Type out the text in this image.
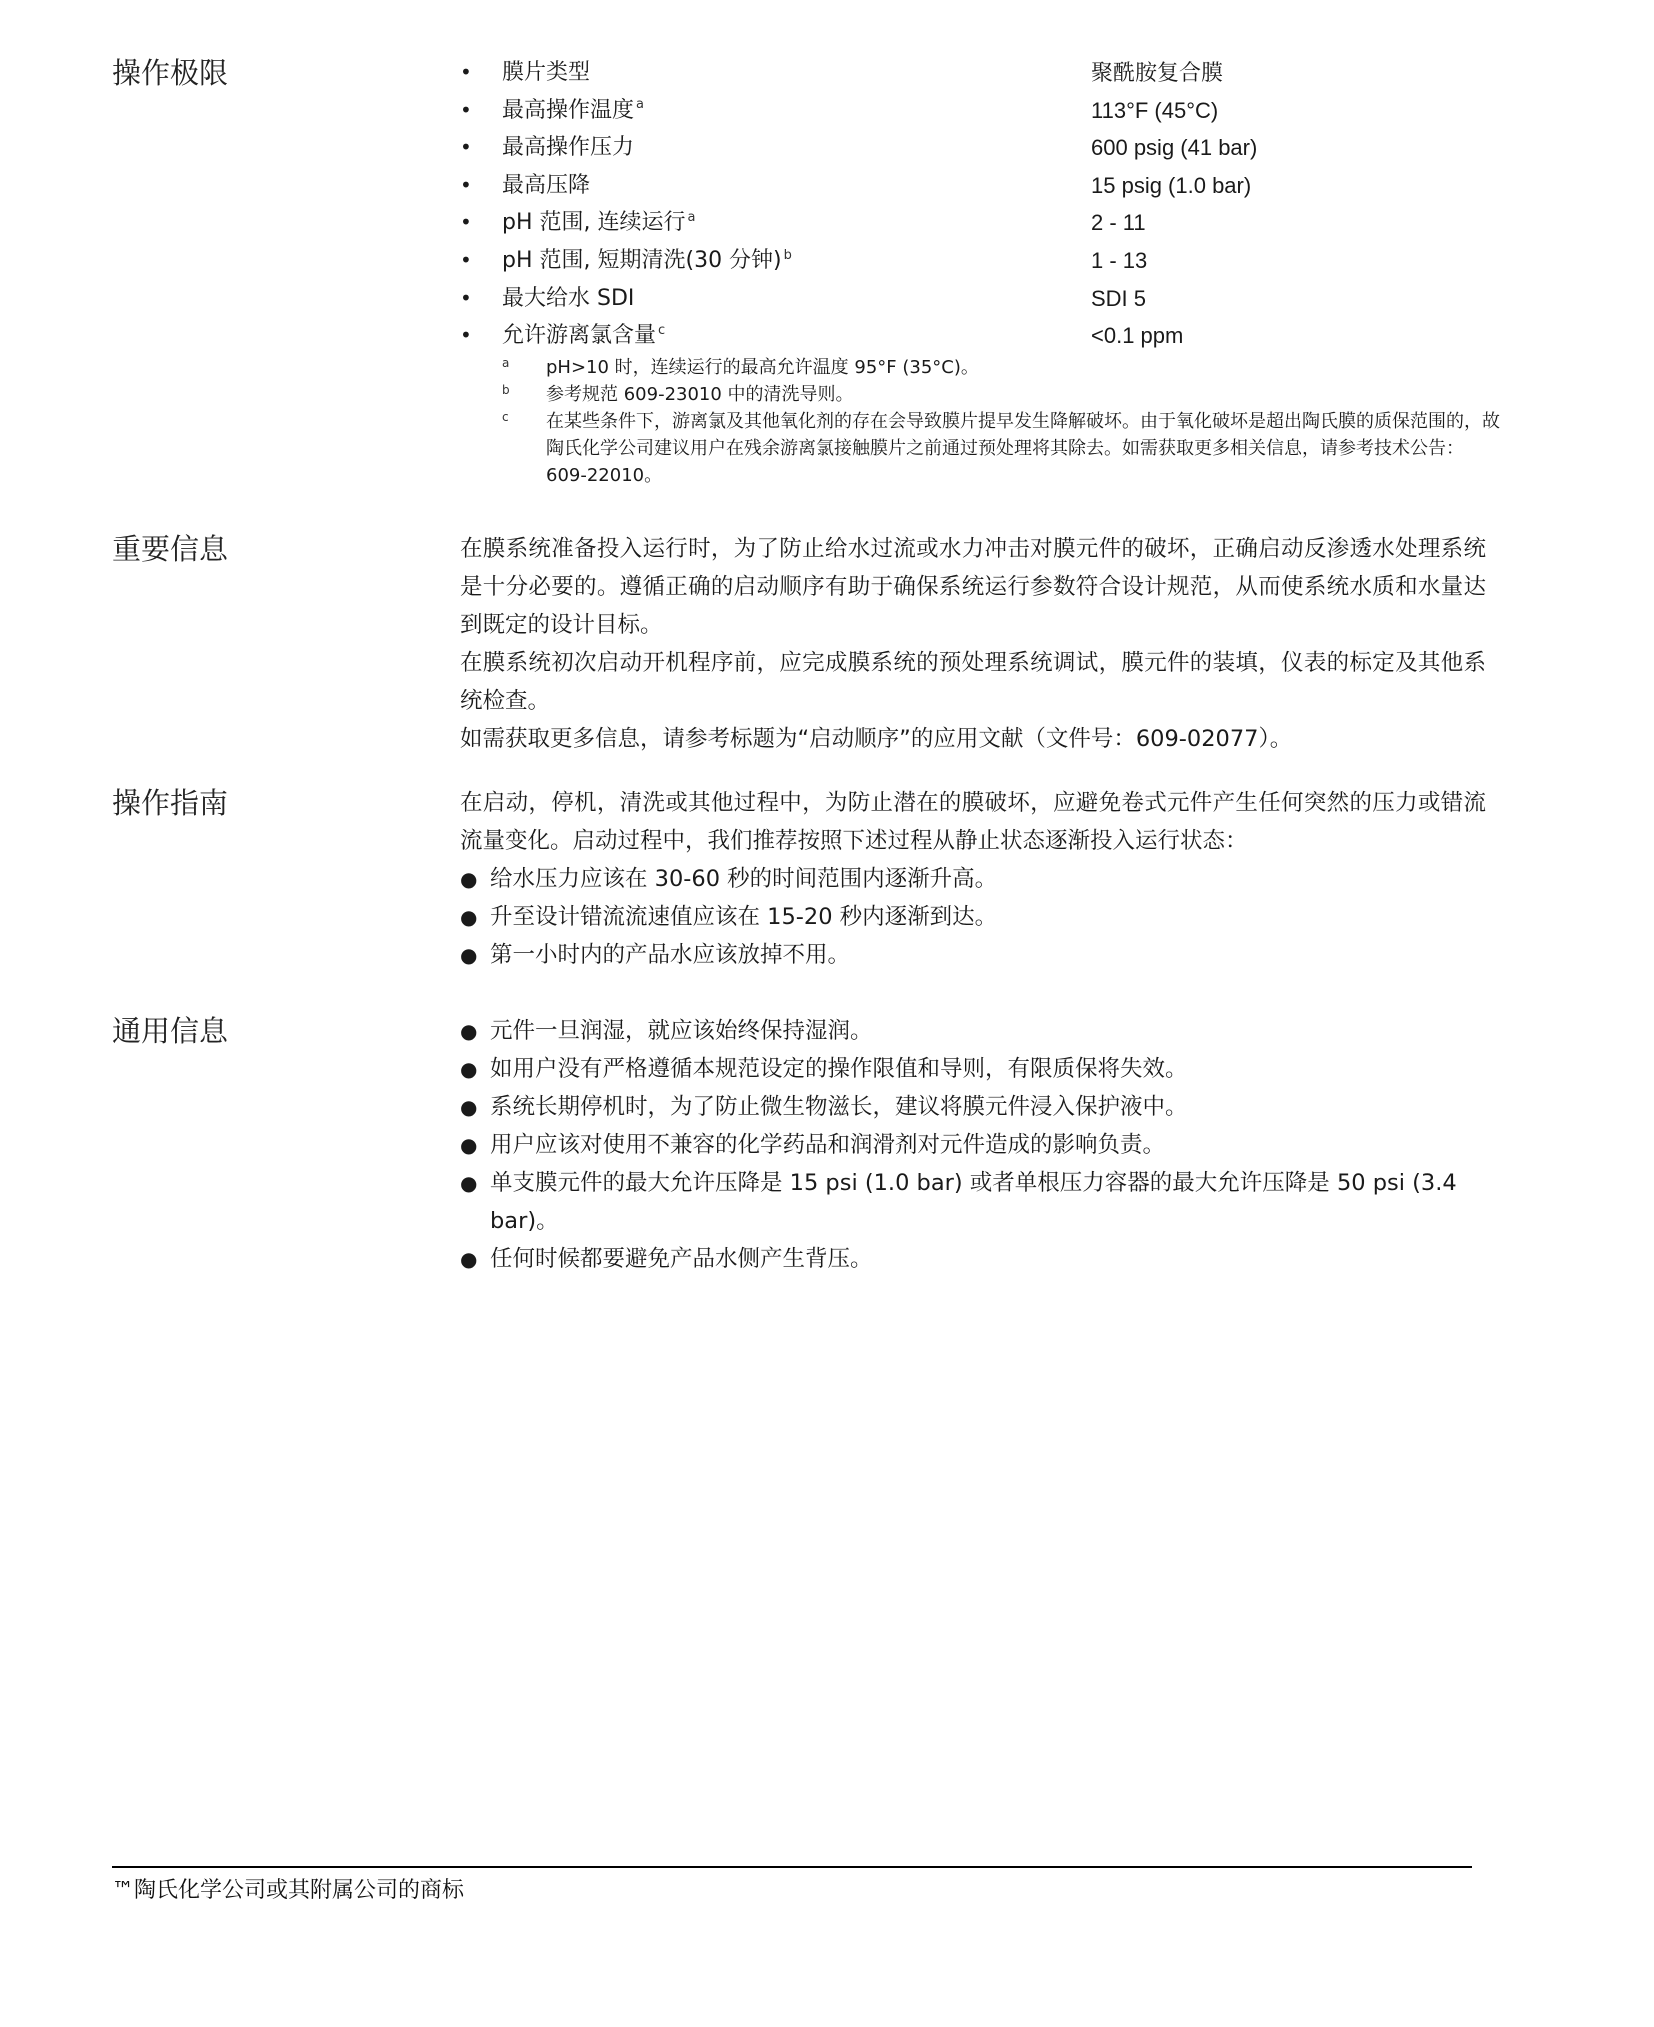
操作极限	• 膜片类型	聚酰胺复合膜
• 最高操作温度 $^a$	113°F (45°C)
• 最高操作压力	600 psig (41 bar)
• 最高压降	15 psig (1.0 bar)
• pH 范围, 连续运行 $^a$	2 - 11
• pH 范围, 短期清洗(30 分钟) $^b$	1 - 13
• 最大给水 SDI	SDI 5
• 允许游离氯含量 $^c$	<0.1 ppm
a pH>10 时，连续运行的最高允许温度 95°F (35°C)。
b 参考规范 609-23010 中的清洗导则。
c 在某些条件下，游离氯及其他氧化剂的存在会导致膜片提早发生降解破坏。由于氧化破坏是超出陶氏膜的质保范围的，故陶氏化学公司建议用户在残余游离氯接触膜片之前通过预处理将其除去。如需获取更多相关信息，请参考技术公告：609-22010。
重要信息	在膜系统准备投入运行时，为了防止给水过流或水力冲击对膜元件的破坏，正确启动反渗透水处理系统是十分必要的。遵循正确的启动顺序有助于确保系统运行参数符合设计规范，从而使系统水质和水量达到既定的设计目标。

在膜系统初次启动开机程序前，应完成膜系统的预处理系统调试，膜元件的装填，仪表的标定及其他系统检查。

如需获取更多信息，请参考标题为“启动顺序”的应用文献（文件号：609-02077）。

操作指南	在启动，停机，清洗或其他过程中，为防止潜在的膜破坏，应避免卷式元件产生任何突然的压力或错流流量变化。启动过程中，我们推荐按照下述过程从静止状态逐渐投入运行状态：

● 给水压力应该在 30-60 秒的时间范围内逐渐升高。
● 升至设计错流流速值应该在 15-20 秒内逐渐到达。
● 第一小时内的产品水应该放掉不用。
通用信息	● 元件一旦润湿，就应该始终保持湿润。
● 如用户没有严格遵循本规范设定的操作限值和导则，有限质保将失效。
● 系统长期停机时，为了防止微生物滋长，建议将膜元件浸入保护液中。
● 用户应该对使用不兼容的化学药品和润滑剂对元件造成的影响负责。
● 单支膜元件的最大允许压降是 15 psi (1.0 bar) 或者单根压力容器的最大允许压降是 50 psi (3.4 bar)。
● 任何时候都要避免产品水侧产生背压。
™陶氏化学公司或其附属公司的商标
